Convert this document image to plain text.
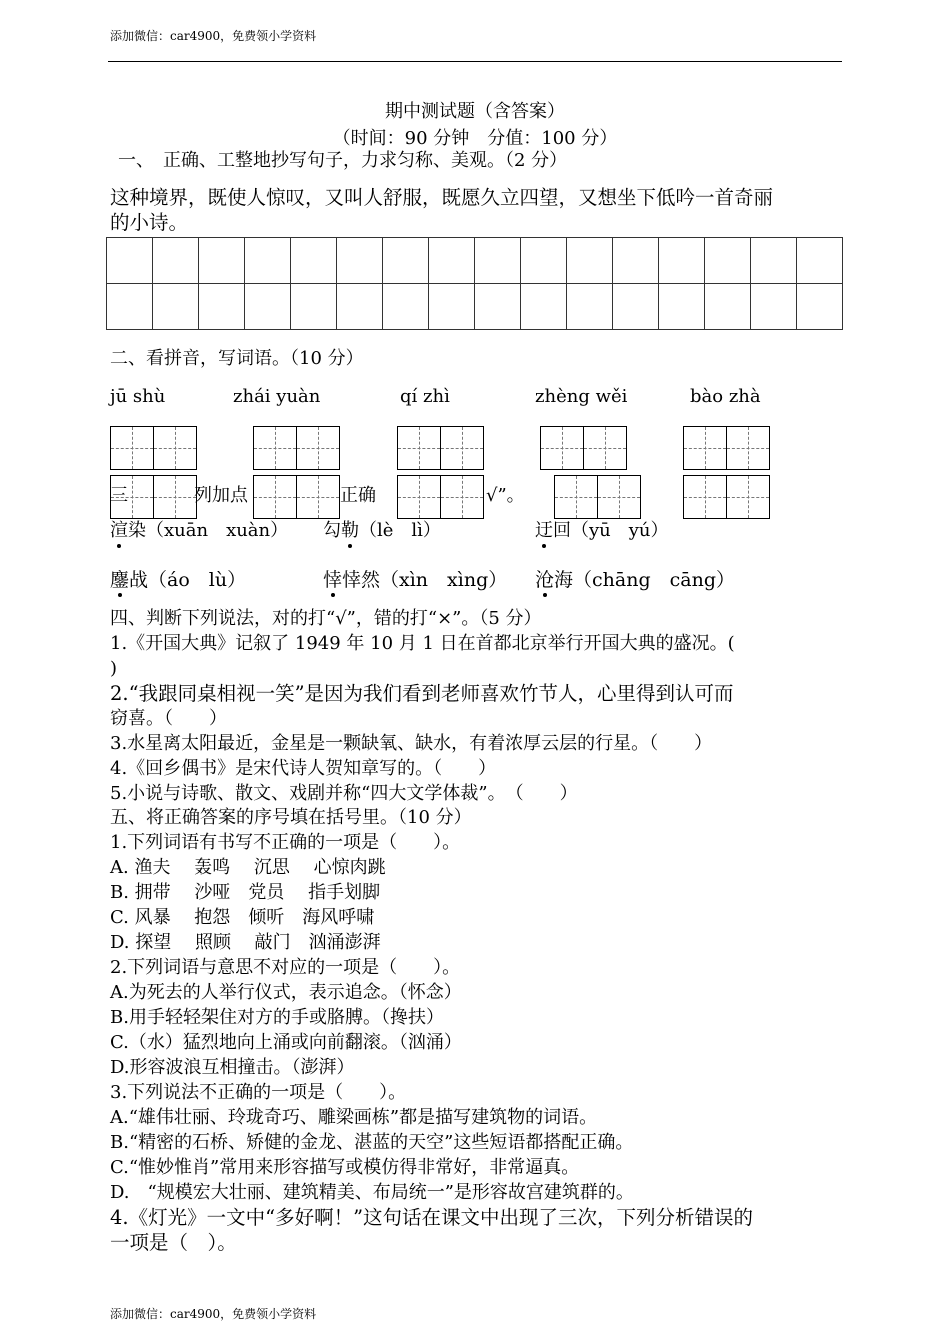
添加微信：car4900，免费领小学资料
期中测试题（含答案）
（时间：90 分钟　分值：100 分）
一、　正确、工整地抄写句子，力求匀称、美观。（2 分）
这种境界，既使人惊叹，又叫人舒服，既愿久立四望，又想坐下低吟一首奇丽
的小诗。

二、看拼音，写词语。（10 分）
jū shù	zhái yuàn	qí zhì	zhèng wěi	bào zhà
三	列加点	正确	√”。
渲染（xuān　xuàn） 勾勒（lè　lì）	迂回（yū　yú）
鏖战（áo　lù）	悻悻然（xìn　xìng） 沧海（chāng　cāng）
四、判断下列说法，对的打“√”，错的打“×”。（5 分）
1.《开国大典》记叙了 1949 年 10 月 1 日在首都北京举行开国大典的盛况。(
)
2.“我跟同桌相视一笑”是因为我们看到老师喜欢竹节人，心里得到认可而
窃喜。（　　）
3.水星离太阳最近，金星是一颗缺氧、缺水，有着浓厚云层的行星。（　　）
4.《回乡偶书》是宋代诗人贺知章写的。（　　）
5.小说与诗歌、散文、戏剧并称“四大文学体裁”。　（　　）
五、将正确答案的序号填在括号里。（10 分）
1.下列词语有书写不正确的一项是（　　）。
A. 渔夫　 轰鸣　 沉思　 心惊肉跳
B. 拥带　 沙哑　党员　 指手划脚
C. 风暴　 抱怨　倾听　海风呼啸
D. 探望　 照顾　 敲门　汹涌澎湃
2.下列词语与意思不对应的一项是（　　）。
A.为死去的人举行仪式，表示追念。（怀念）
B.用手轻轻架住对方的手或胳膊。（搀扶）
C.（水）猛烈地向上涌或向前翻滚。（汹涌）
D.形容波浪互相撞击。（澎湃）
3.下列说法不正确的一项是（　　）。
A.“雄伟壮丽、玲珑奇巧、雕梁画栋”都是描写建筑物的词语。
B.“精密的石桥、矫健的金龙、湛蓝的天空”这些短语都搭配正确。
C.“惟妙惟肖”常用来形容描写或模仿得非常好，非常逼真。
D.　“规模宏大壮丽、建筑精美、布局统一”是形容故宫建筑群的。
4.《灯光》一文中“多好啊！”这句话在课文中出现了三次，下列分析错误的
一项是（　）。
添加微信：car4900，免费领小学资料
